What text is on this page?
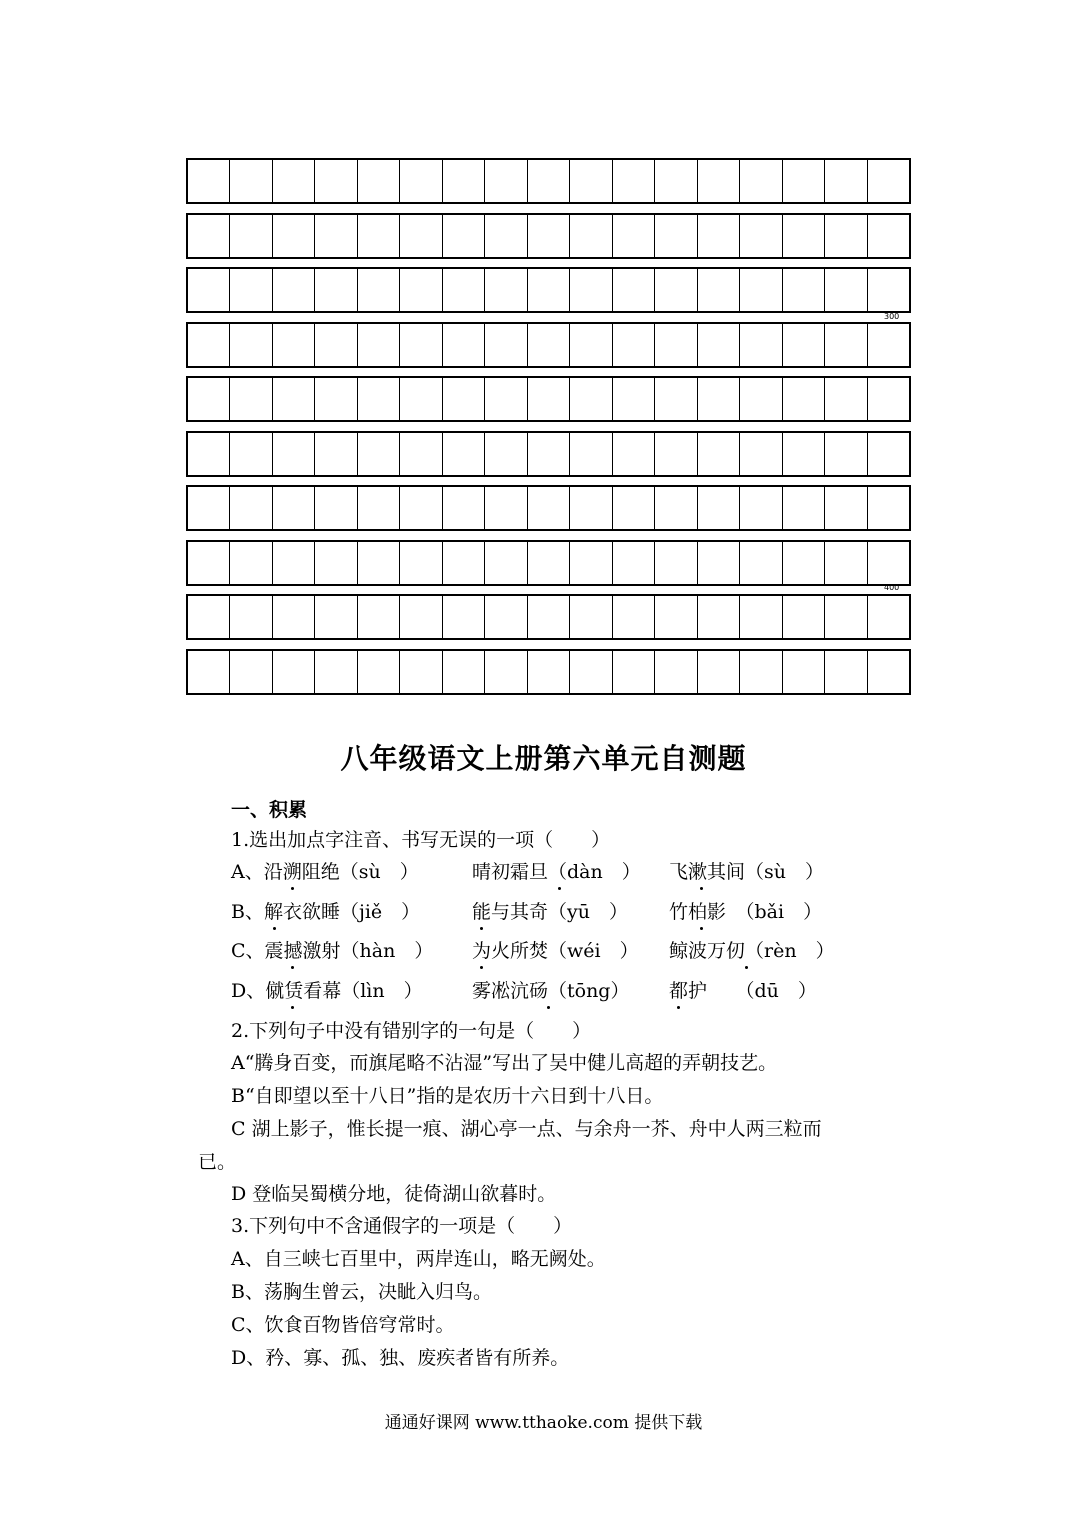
300
400
八年级语文上册第六单元自测题
一、积累
1.选出加点字注音、书写无误的一项（　　）
A、沿溯阻绝（sù　）	晴初霜旦（dàn　） 飞漱其间（sù　）
B、解衣欲睡（jiě　）	能与其奇（yū　） 竹柏影　（bǎi　）
C、震撼激射（hàn　） 为火所焚（wéi　） 鲸波万仞（rèn　）
D、僦赁看幕（lìn　）	雾凇沆砀（tōng） 都护　　（dū　）
2.下列句子中没有错别字的一句是（　　）
A“腾身百变，而旗尾略不沾湿”写出了吴中健儿高超的弄朝技艺。
B“自即望以至十八日”指的是农历十六日到十八日。
C 湖上影子，惟长提一痕、湖心亭一点、与余舟一芥、舟中人两三粒而
已。
D 登临吴蜀横分地，徒倚湖山欲暮时。
3.下列句中不含通假字的一项是（　　）
A、自三峡七百里中，两岸连山，略无阙处。
B、荡胸生曾云，决眦入归鸟。
C、饮食百物皆倍穹常时。
D、矜、寡、孤、独、废疾者皆有所养。
通通好课网 www.tthaoke.com 提供下载
